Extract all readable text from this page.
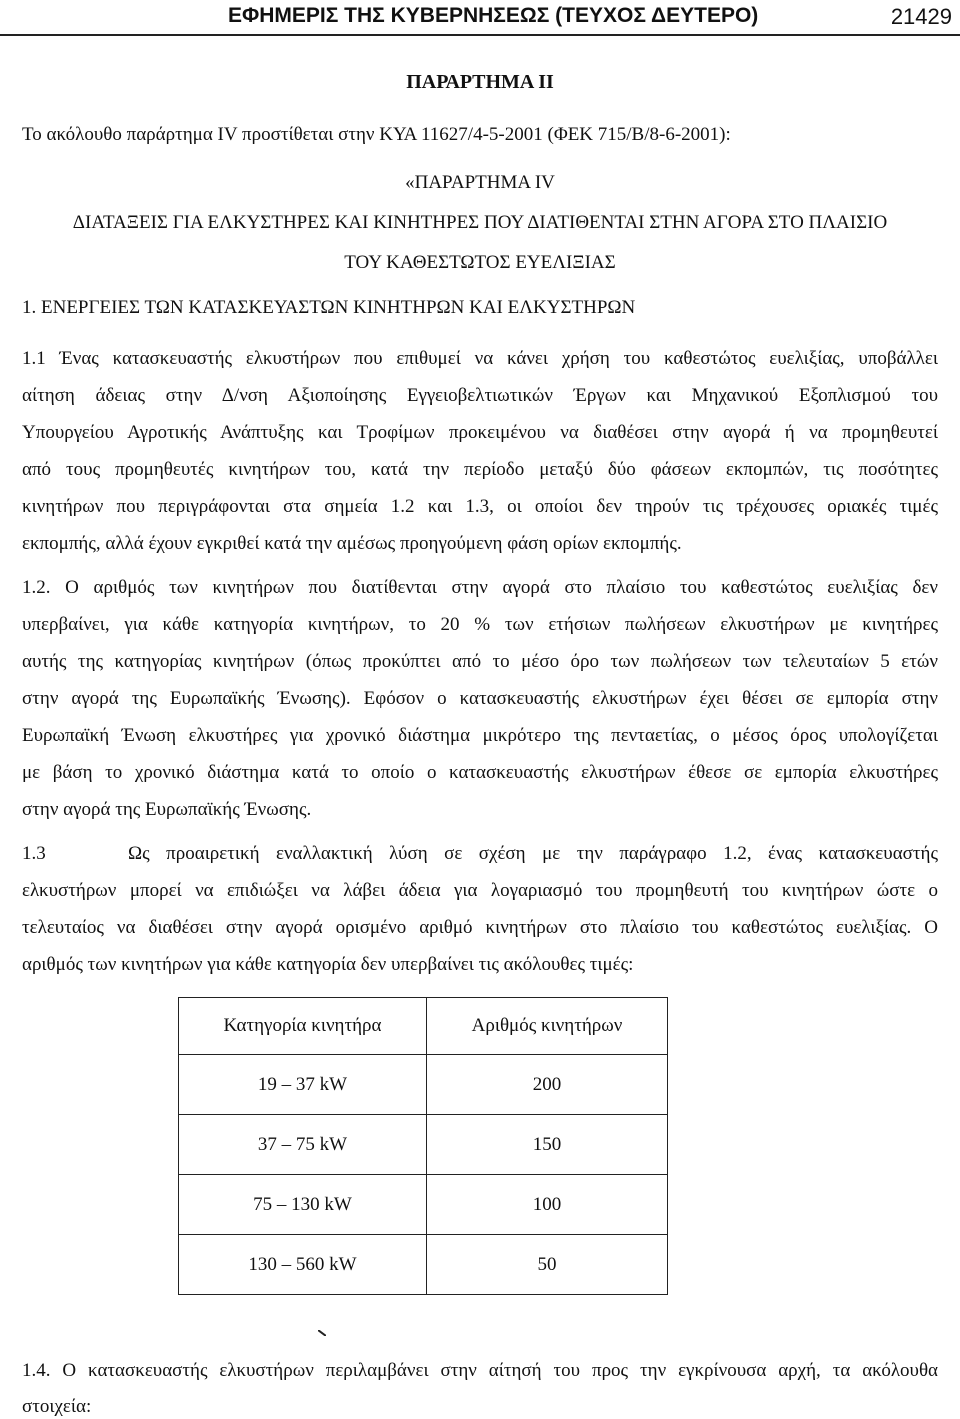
ΕΦΗΜΕΡΙΣ ΤΗΣ ΚΥΒΕΡΝΗΣΕΩΣ (ΤΕΥΧΟΣ ΔΕΥΤΕΡΟ)	21429
ΠΑΡΑΡΤΗΜΑ ΙΙ
Το ακόλουθο παράρτημα IV προστίθεται στην ΚΥΑ 11627/4-5-2001 (ΦΕΚ 715/Β/8-6-2001):
«ΠΑΡΑΡΤΗΜΑ IV
ΔΙΑΤΑΞΕΙΣ ΓΙΑ ΕΛΚΥΣΤΗΡΕΣ ΚΑΙ ΚΙΝΗΤΗΡΕΣ ΠΟΥ ΔΙΑΤΙΘΕΝΤΑΙ ΣΤΗΝ ΑΓΟΡΑ ΣΤΟ ΠΛΑΙΣΙΟ
ΤΟΥ ΚΑΘΕΣΤΩΤΟΣ ΕΥΕΛΙΞΙΑΣ
1. ΕΝΕΡΓΕΙΕΣ ΤΩΝ ΚΑΤΑΣΚΕΥΑΣΤΩΝ ΚΙΝΗΤΗΡΩΝ ΚΑΙ ΕΛΚΥΣΤΗΡΩΝ
1.1 Ένας κατασκευαστής ελκυστήρων που επιθυμεί να κάνει χρήση του καθεστώτος ευελιξίας, υποβάλλει
αίτηση άδειας στην Δ/νση Αξιοποίησης Εγγειοβελτιωτικών Έργων και Μηχανικού Εξοπλισμού του
Υπουργείου Αγροτικής Ανάπτυξης και Τροφίμων προκειμένου να διαθέσει στην αγορά ή να προμηθευτεί
από τους προμηθευτές κινητήρων του, κατά την περίοδο μεταξύ δύο φάσεων εκπομπών, τις ποσότητες
κινητήρων που περιγράφονται στα σημεία 1.2 και 1.3, οι οποίοι δεν τηρούν τις τρέχουσες οριακές τιμές
εκπομπής, αλλά έχουν εγκριθεί κατά την αμέσως προηγούμενη φάση ορίων εκπομπής.
1.2. Ο αριθμός των κινητήρων που διατίθενται στην αγορά στο πλαίσιο του καθεστώτος ευελιξίας δεν
υπερβαίνει, για κάθε κατηγορία κινητήρων, το 20 % των ετήσιων πωλήσεων ελκυστήρων με κινητήρες
αυτής της κατηγορίας κινητήρων (όπως προκύπτει από το μέσο όρο των πωλήσεων των τελευταίων 5 ετών
στην αγορά της Ευρωπαϊκής Ένωσης). Εφόσον ο κατασκευαστής ελκυστήρων έχει θέσει σε εμπορία στην
Ευρωπαϊκή Ένωση ελκυστήρες για χρονικό διάστημα μικρότερο της πενταετίας, ο μέσος όρος υπολογίζεται
με βάση το χρονικό διάστημα κατά το οποίο ο κατασκευαστής ελκυστήρων έθεσε σε εμπορία ελκυστήρες
στην αγορά της Ευρωπαϊκής Ένωσης.
1.3     Ως προαιρετική εναλλακτική λύση σε σχέση με την παράγραφο 1.2, ένας κατασκευαστής
ελκυστήρων μπορεί να επιδιώξει να λάβει άδεια για λογαριασμό του προμηθευτή του κινητήρων ώστε ο
τελευταίος να διαθέσει στην αγορά ορισμένο αριθμό κινητήρων στο πλαίσιο του καθεστώτος ευελιξίας. Ο
αριθμός των κινητήρων για κάθε κατηγορία δεν υπερβαίνει τις ακόλουθες τιμές:
Κατηγορία κινητήρα	Αριθμός κινητήρων
19 – 37 kW	200
37 – 75 kW	150
75 – 130 kW	100
130 – 560 kW	50
1.4. Ο κατασκευαστής ελκυστήρων περιλαμβάνει στην αίτησή του προς την εγκρίνουσα αρχή, τα ακόλουθα
στοιχεία:
